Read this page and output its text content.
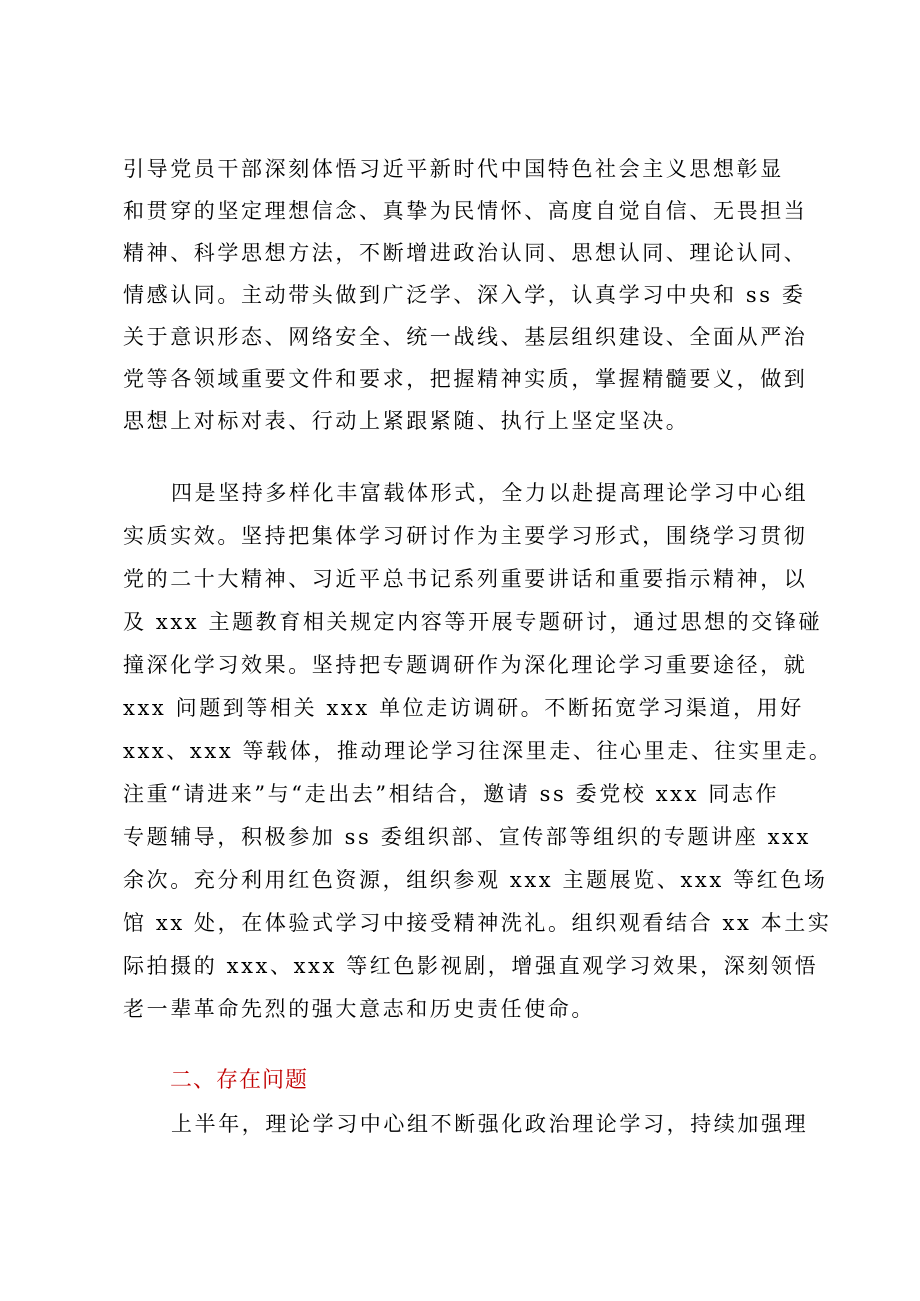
引导党员干部深刻体悟习近平新时代中国特色社会主义思想彰显
和贯穿的坚定理想信念、真挚为民情怀、高度自觉自信、无畏担当
精神、科学思想方法，不断增进政治认同、思想认同、理论认同、
情感认同。主动带头做到广泛学、深入学，认真学习中央和 ss 委
关于意识形态、网络安全、统一战线、基层组织建设、全面从严治
党等各领域重要文件和要求，把握精神实质，掌握精髓要义，做到
思想上对标对表、行动上紧跟紧随、执行上坚定坚决。
四是坚持多样化丰富载体形式，全力以赴提高理论学习中心组
实质实效。坚持把集体学习研讨作为主要学习形式，围绕学习贯彻
党的二十大精神、习近平总书记系列重要讲话和重要指示精神，以
及 xxx 主题教育相关规定内容等开展专题研讨，通过思想的交锋碰
撞深化学习效果。坚持把专题调研作为深化理论学习重要途径，就
xxx 问题到等相关 xxx 单位走访调研。不断拓宽学习渠道，用好
xxx、xxx 等载体，推动理论学习往深里走、往心里走、往实里走。
注重“请进来”与“走出去”相结合，邀请 ss 委党校 xxx 同志作
专题辅导，积极参加 ss 委组织部、宣传部等组织的专题讲座 xxx
余次。充分利用红色资源，组织参观 xxx 主题展览、xxx 等红色场
馆 xx 处，在体验式学习中接受精神洗礼。组织观看结合 xx 本土实
际拍摄的 xxx、xxx 等红色影视剧，增强直观学习效果，深刻领悟
老一辈革命先烈的强大意志和历史责任使命。
二、存在问题
上半年，理论学习中心组不断强化政治理论学习，持续加强理
